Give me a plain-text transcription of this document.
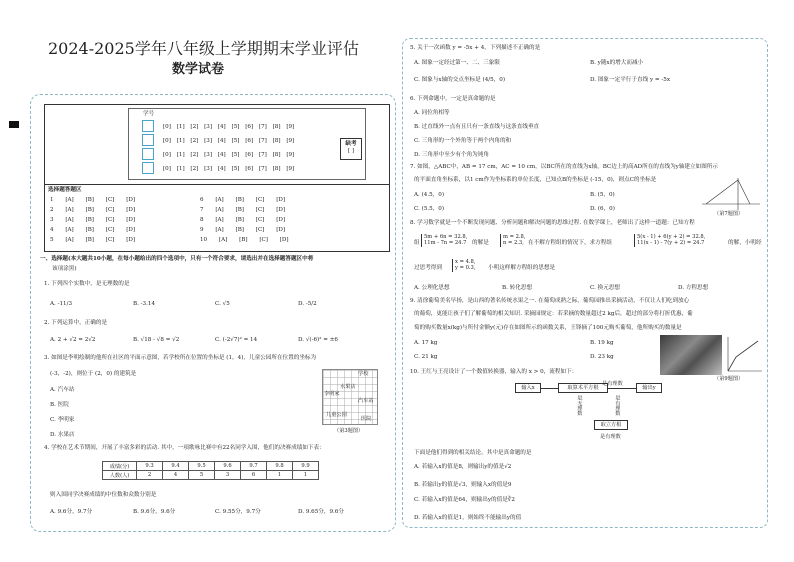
2024-2025学年八年级上学期期末学业评估
数学试卷
学号
[0] [1] [2] [3] [4] [5] [6] [7] [8] [9]
[0] [1] [2] [3] [4] [5] [6] [7] [8] [9]
[0] [1] [2] [3] [4] [5] [6] [7] [8] [9]
[0] [1] [2] [3] [4] [5] [6] [7] [8] [9]
缺考
[ ]
选择题答题区
1 [A] [B] [C] [D]
2 [A] [B] [C] [D]
3 [A] [B] [C] [D]
4 [A] [B] [C] [D]
5 [A] [B] [C] [D]
6 [A] [B] [C] [D]
7 [A] [B] [C] [D]
8 [A] [B] [C] [D]
9 [A] [B] [C] [D]
10 [A] [B] [C] [D]
一、选择题(本大题共10小题，在每小题给出的四个选项中，只有一个符合要求，请选出并在选择题答题区中将
该项涂黑)
1. 下列四个实数中，是无理数的是
A. -11/3	B. -3.14	C. √5	D. -5/2
2. 下列运算中，正确的是
A. 2 + √2 = 2√2	B. √18 - √8 = √2	C. (-2√7)² = 14	D. √(-6)² = ±6
3. 如图是李明绘制的他所在社区的平面示意图，若学校所在位置的坐标是 (1，4)，儿童公园所在位置的坐标为
(-3，-2)，则位于 (2，0) 的建筑是
A. 汽车站
B. 医院
C. 李明家
D. 水果店
学校
水果店
李明家
汽车站
儿童公园
医院
（第3题图）
4. 学校在艺术节期间，开展了丰富多彩的活动. 其中，一项歌咏比赛中有22名同学入围，他们的决赛成绩如下表：
成绩(分)	9.3	9.4	9.5	9.6	9.7	9.8	9.9
人数(人)	2	4	5	3	6	1	1
则入围同学决赛成绩的中位数和众数分别是
A. 9.6分，9.7分	B. 9.6分，9.6分	C. 9.55分，9.7分	D. 9.65分，9.6分
5. 关于一次函数 y = -5x + 4，下列描述不正确的是
A. 图象一定经过第一、二、三象限	B. y随x的增大而减小
C. 图象与x轴的交点坐标是 (4/5，0)	D. 图象一定平行于直线 y = -5x
6. 下列命题中，一定是真命题的是
A. 同位角相等
B. 过直线外一点有且只有一条直线与这条直线垂直
C. 三角形的一个外角等于两个内角的和
D. 三角形中至少有个角为钝角
7. 如图，△ABC中，AB = 17 cm，AC = 10 cm，以BC所在的直线为x轴，BC边上的高AD所在的直线为y轴建立如图所示
的平面直角坐标系，以1 cm作为坐标系的单位长度，已知点B的坐标是 (-15，0)，则点C的坐标是
A. (4.5，0)	B. (5，0)
C. (5.5，0)	D. (6，0)
（第7题图）
8. 学习数学就是一个不断发现问题、分析问题和解决问题的思维过程. 在数学课上，老师出了这样一道题：已知方程
组
5m + 6n = 32.8,
11m - 7n = 24.7 的解是
m = 2.8,
n = 2.3, 在不解方程组的情况下，求方程组
5(x - 1) + 6(y + 2) = 32.8,
11(x - 1) - 7(y + 2) = 24.7	的解，小明经
过思考得到
x = 4.8,
y = 0.3, 小明这样解方程组的思想是
A. 公理化思想	B. 转化思想	C. 换元思想	D. 方程思想
9. 清徐葡萄美名早扬，是山西的著名传统水果之一. 在葡萄成熟之际，葡萄园推出采摘活动，不仅让人们吃到放心
的葡萄，更能让孩子们了解葡萄的相关知识. 采摘园规定：若采摘的数量超过2 kg后，超过的部分将打折优惠，葡
萄的购买数量x(kg)与所付金额y(元)存在如图所示的函数关系，王锋摘了100元购买葡萄，他所购买的数量是
A. 17 kg	B. 19 kg
C. 21 kg	D. 23 kg
（第9题图）
10. 王红与王亮设计了一个数值转换器，输入的 x > 0，流程如下：
输入x	取算术平方根	输出y
是有理数
是无理数	是有理数
取立方根
是有理数
下面是他们得到的相关结论，其中是真命题的是
A. 若输入x的值是8，则输出y的值是√2
B. 若输出y的值是√3，则输入x的值是9
C. 若输入x的值是64，则输出y的值是∛2
D. 若输入x的值是1，则始终不能输出y的值
